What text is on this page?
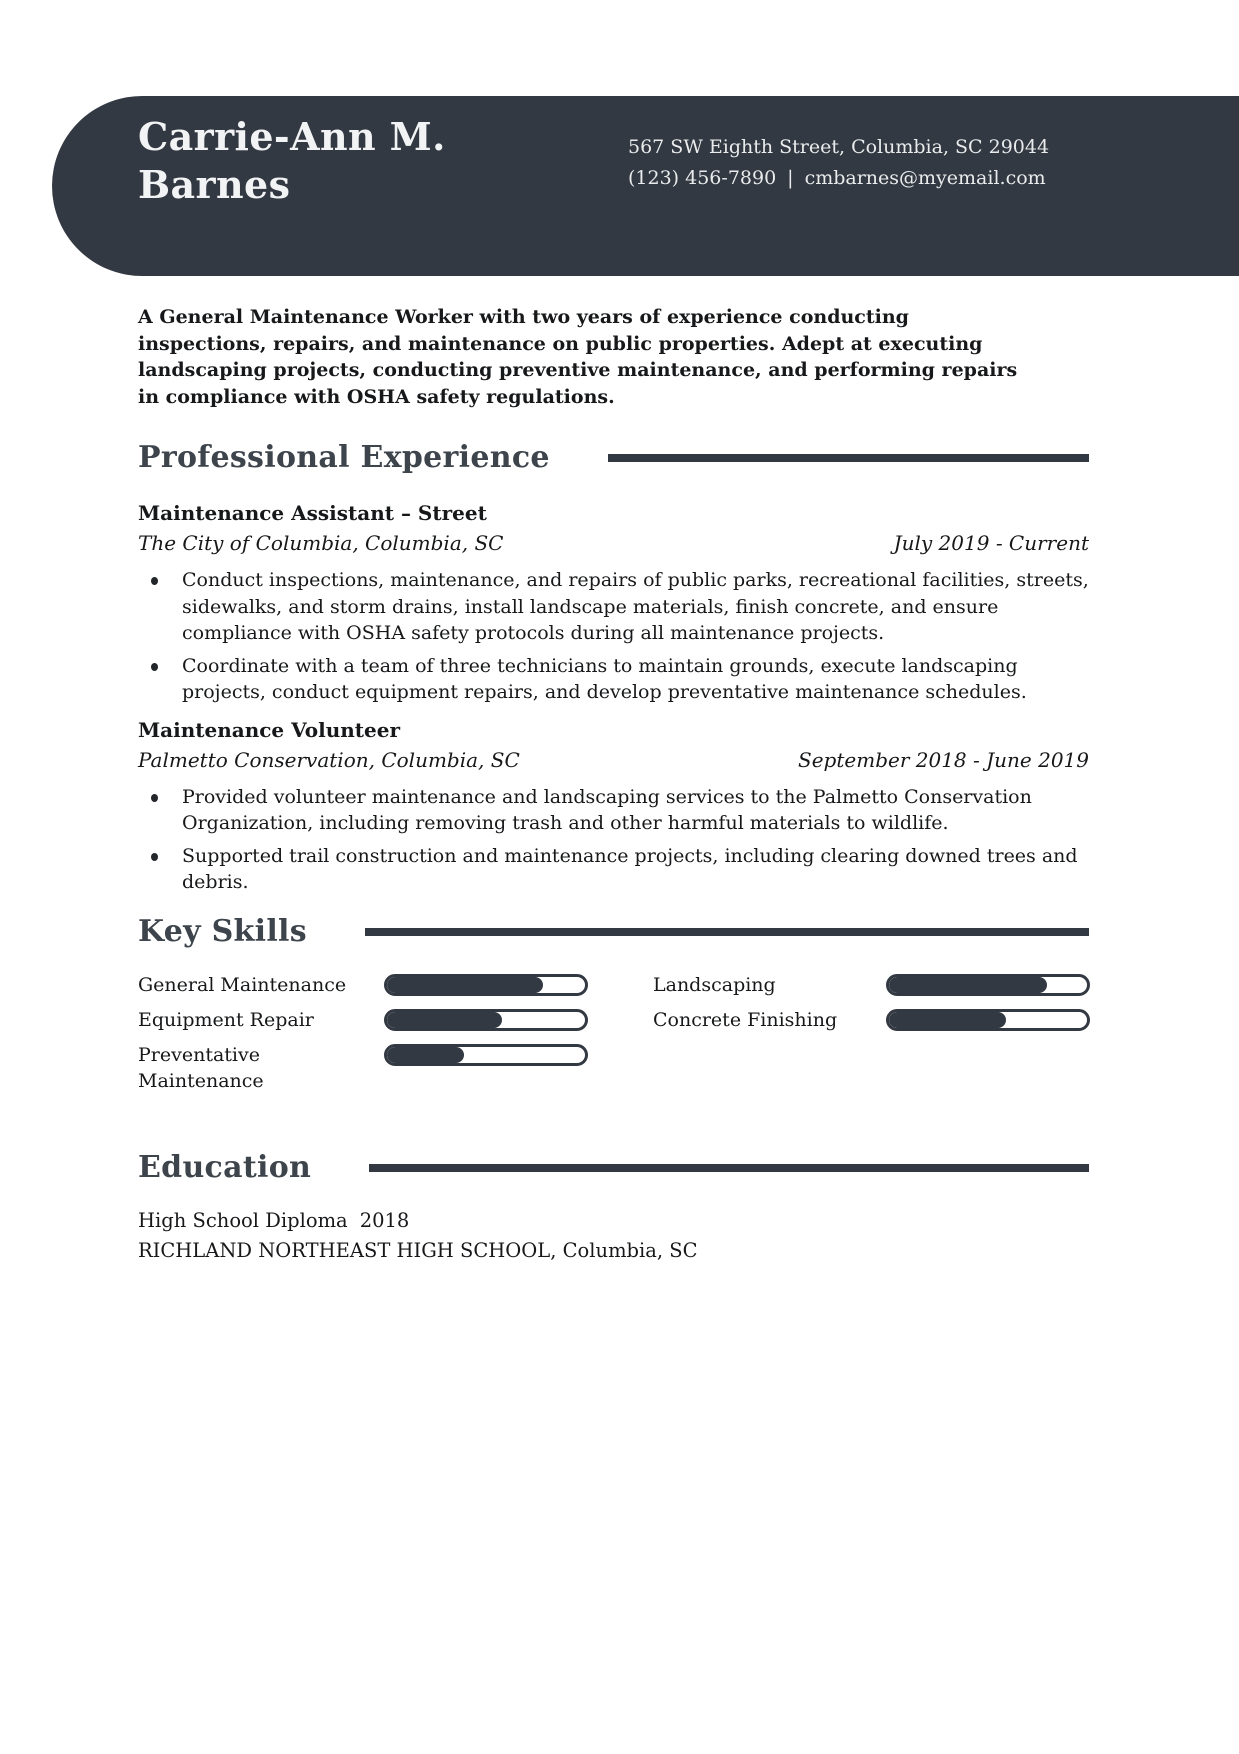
Carrie-Ann M.
Barnes
567 SW Eighth Street, Columbia, SC 29044
(123) 456-7890 | cmbarnes@myemail.com

A General Maintenance Worker with two years of experience conducting inspections, repairs, and maintenance on public properties. Adept at executing landscaping projects, conducting preventive maintenance, and performing repairs in compliance with OSHA safety regulations.

Professional Experience
Maintenance Assistant – Street
The City of Columbia, Columbia, SC	July 2019 - Current
Conduct inspections, maintenance, and repairs of public parks, recreational facilities, streets, sidewalks, and storm drains, install landscape materials, finish concrete, and ensure compliance with OSHA safety protocols during all maintenance projects.
Coordinate with a team of three technicians to maintain grounds, execute landscaping projects, conduct equipment repairs, and develop preventative maintenance schedules.
Maintenance Volunteer
Palmetto Conservation, Columbia, SC	September 2018 - June 2019
Provided volunteer maintenance and landscaping services to the Palmetto Conservation Organization, including removing trash and other harmful materials to wildlife.
Supported trail construction and maintenance projects, including clearing downed trees and debris.
Key Skills
General Maintenance	Landscaping
Equipment Repair	Concrete Finishing
Preventative Maintenance
Education
High School Diploma 2018
RICHLAND NORTHEAST HIGH SCHOOL, Columbia, SC
